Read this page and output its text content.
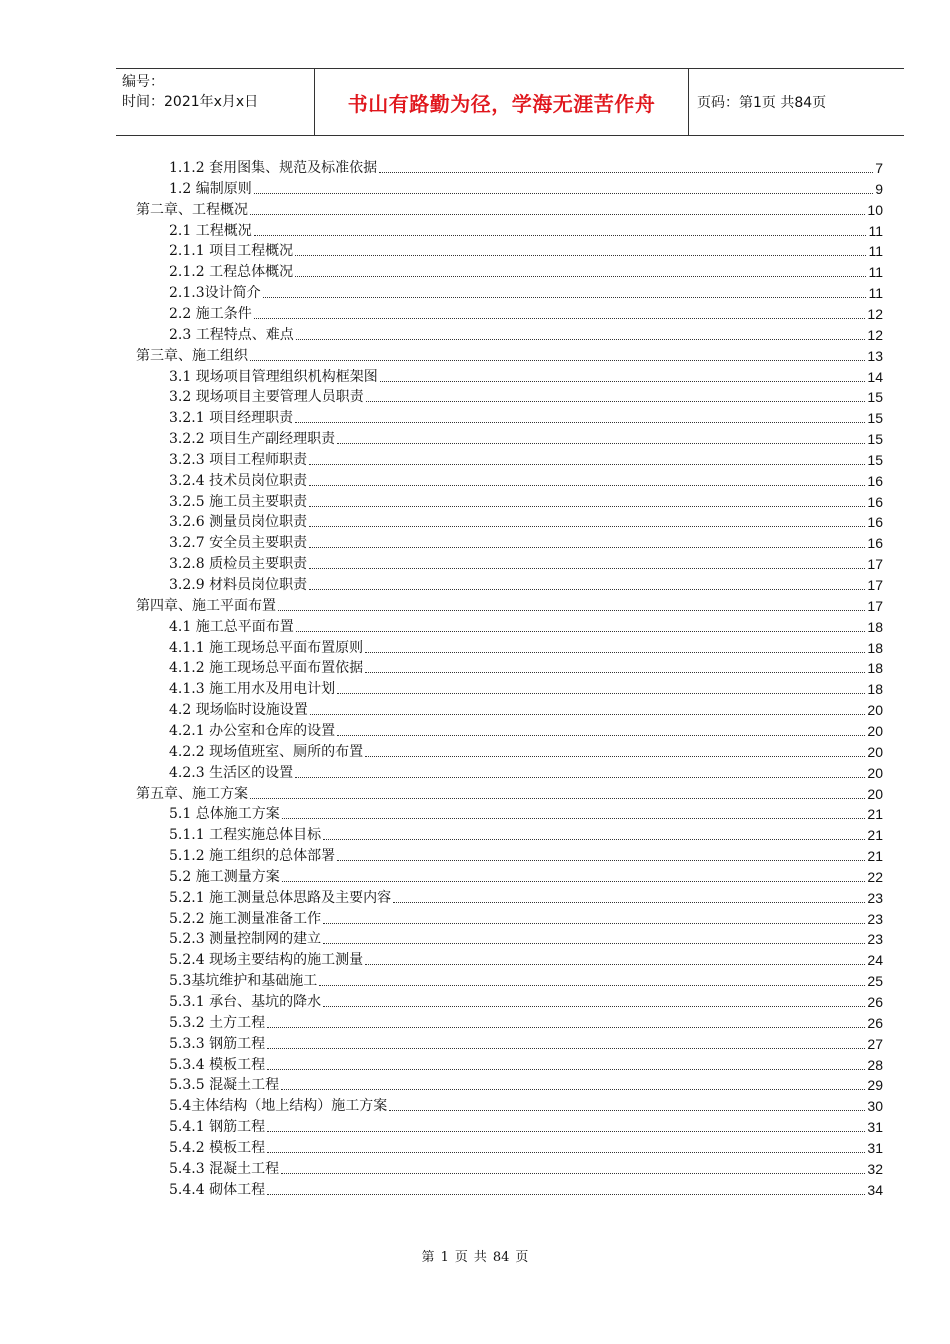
编号：
时间：2021年x月x日	书山有路勤为径，学海无涯苦作舟	页码：第1页 共84页
1.1.2 套用图集、规范及标准依据	7
1.2 编制原则	9
第二章、工程概况	10
2.1 工程概况	11
2.1.1 项目工程概况	11
2.1.2 工程总体概况	11
2.1.3设计简介	11
2.2 施工条件	12
2.3 工程特点、难点	12
第三章、施工组织	13
3.1 现场项目管理组织机构框架图	14
3.2 现场项目主要管理人员职责	15
3.2.1 项目经理职责	15
3.2.2 项目生产副经理职责	15
3.2.3 项目工程师职责	15
3.2.4 技术员岗位职责	16
3.2.5 施工员主要职责	16
3.2.6 测量员岗位职责	16
3.2.7 安全员主要职责	16
3.2.8 质检员主要职责	17
3.2.9 材料员岗位职责	17
第四章、施工平面布置	17
4.1 施工总平面布置	18
4.1.1 施工现场总平面布置原则	18
4.1.2 施工现场总平面布置依据	18
4.1.3 施工用水及用电计划	18
4.2 现场临时设施设置	20
4.2.1 办公室和仓库的设置	20
4.2.2 现场值班室、厕所的布置	20
4.2.3 生活区的设置	20
第五章、施工方案	20
5.1 总体施工方案	21
5.1.1 工程实施总体目标	21
5.1.2 施工组织的总体部署	21
5.2 施工测量方案	22
5.2.1 施工测量总体思路及主要内容	23
5.2.2 施工测量准备工作	23
5.2.3 测量控制网的建立	23
5.2.4 现场主要结构的施工测量	24
5.3基坑维护和基础施工	25
5.3.1 承台、基坑的降水	26
5.3.2 土方工程	26
5.3.3 钢筋工程	27
5.3.4 模板工程	28
5.3.5 混凝土工程	29
5.4主体结构（地上结构）施工方案	30
5.4.1 钢筋工程	31
5.4.2 模板工程	31
5.4.3 混凝土工程	32
5.4.4 砌体工程	34
第 1 页 共 84 页
